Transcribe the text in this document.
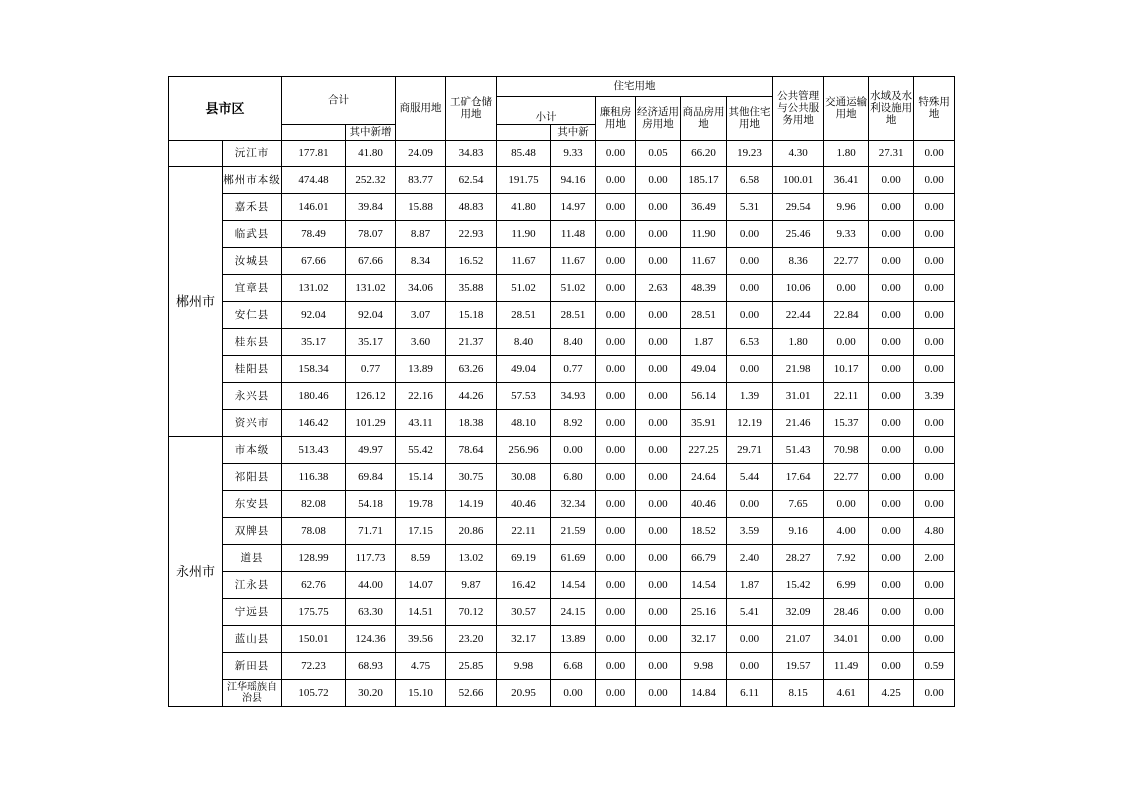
县市区		合计		商服用地	工矿仓储用地	住宅用地						公共管理与公共服务用地	交通运输用地	水域及水利设施用地	特殊用地
						小计		廉租房用地	经济适用房用地	商品房用地	其他住宅用地				
			其中新增				其中新								
	沅江市	177.81	41.80	24.09	34.83	85.48	9.33	0.00	0.05	66.20	19.23	4.30	1.80	27.31	0.00
郴州市	郴州市本级	474.48	252.32	83.77	62.54	191.75	94.16	0.00	0.00	185.17	6.58	100.01	36.41	0.00	0.00
	嘉禾县	146.01	39.84	15.88	48.83	41.80	14.97	0.00	0.00	36.49	5.31	29.54	9.96	0.00	0.00
	临武县	78.49	78.07	8.87	22.93	11.90	11.48	0.00	0.00	11.90	0.00	25.46	9.33	0.00	0.00
	汝城县	67.66	67.66	8.34	16.52	11.67	11.67	0.00	0.00	11.67	0.00	8.36	22.77	0.00	0.00
	宜章县	131.02	131.02	34.06	35.88	51.02	51.02	0.00	2.63	48.39	0.00	10.06	0.00	0.00	0.00
	安仁县	92.04	92.04	3.07	15.18	28.51	28.51	0.00	0.00	28.51	0.00	22.44	22.84	0.00	0.00
	桂东县	35.17	35.17	3.60	21.37	8.40	8.40	0.00	0.00	1.87	6.53	1.80	0.00	0.00	0.00
	桂阳县	158.34	0.77	13.89	63.26	49.04	0.77	0.00	0.00	49.04	0.00	21.98	10.17	0.00	0.00
	永兴县	180.46	126.12	22.16	44.26	57.53	34.93	0.00	0.00	56.14	1.39	31.01	22.11	0.00	3.39
	资兴市	146.42	101.29	43.11	18.38	48.10	8.92	0.00	0.00	35.91	12.19	21.46	15.37	0.00	0.00
永州市	市本级	513.43	49.97	55.42	78.64	256.96	0.00	0.00	0.00	227.25	29.71	51.43	70.98	0.00	0.00
	祁阳县	116.38	69.84	15.14	30.75	30.08	6.80	0.00	0.00	24.64	5.44	17.64	22.77	0.00	0.00
	东安县	82.08	54.18	19.78	14.19	40.46	32.34	0.00	0.00	40.46	0.00	7.65	0.00	0.00	0.00
	双牌县	78.08	71.71	17.15	20.86	22.11	21.59	0.00	0.00	18.52	3.59	9.16	4.00	0.00	4.80
	道县	128.99	117.73	8.59	13.02	69.19	61.69	0.00	0.00	66.79	2.40	28.27	7.92	0.00	2.00
	江永县	62.76	44.00	14.07	9.87	16.42	14.54	0.00	0.00	14.54	1.87	15.42	6.99	0.00	0.00
	宁远县	175.75	63.30	14.51	70.12	30.57	24.15	0.00	0.00	25.16	5.41	32.09	28.46	0.00	0.00
	蓝山县	150.01	124.36	39.56	23.20	32.17	13.89	0.00	0.00	32.17	0.00	21.07	34.01	0.00	0.00
	新田县	72.23	68.93	4.75	25.85	9.98	6.68	0.00	0.00	9.98	0.00	19.57	11.49	0.00	0.59
	江华瑶族自治县	105.72	30.20	15.10	52.66	20.95	0.00	0.00	0.00	14.84	6.11	8.15	4.61	4.25	0.00
